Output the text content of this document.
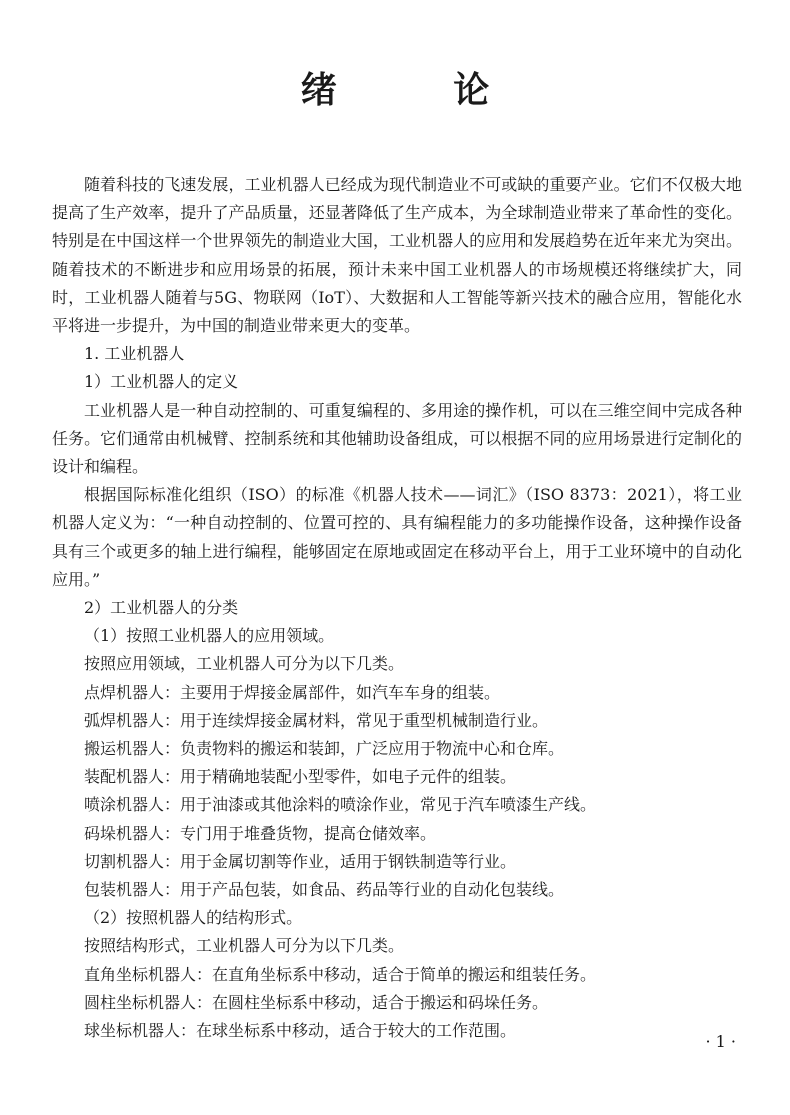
绪 论

随着科技的飞速发展，工业机器人已经成为现代制造业不可或缺的重要产业。它们不仅极大地提高了生产效率，提升了产品质量，还显著降低了生产成本，为全球制造业带来了革命性的变化。特别是在中国这样一个世界领先的制造业大国，工业机器人的应用和发展趋势在近年来尤为突出。随着技术的不断进步和应用场景的拓展，预计未来中国工业机器人的市场规模还将继续扩大，同时，工业机器人随着与5G、物联网（IoT）、大数据和人工智能等新兴技术的融合应用，智能化水平将进一步提升，为中国的制造业带来更大的变革。

1. 工业机器人

1）工业机器人的定义

工业机器人是一种自动控制的、可重复编程的、多用途的操作机，可以在三维空间中完成各种任务。它们通常由机械臂、控制系统和其他辅助设备组成，可以根据不同的应用场景进行定制化的设计和编程。

根据国际标准化组织（ISO）的标准《机器人技术——词汇》（ISO 8373：2021），将工业机器人定义为：“一种自动控制的、位置可控的、具有编程能力的多功能操作设备，这种操作设备具有三个或更多的轴上进行编程，能够固定在原地或固定在移动平台上，用于工业环境中的自动化应用。”

2）工业机器人的分类

（1）按照工业机器人的应用领域。

按照应用领域，工业机器人可分为以下几类。

点焊机器人：主要用于焊接金属部件，如汽车车身的组装。

弧焊机器人：用于连续焊接金属材料，常见于重型机械制造行业。

搬运机器人：负责物料的搬运和装卸，广泛应用于物流中心和仓库。

装配机器人：用于精确地装配小型零件，如电子元件的组装。

喷涂机器人：用于油漆或其他涂料的喷涂作业，常见于汽车喷漆生产线。

码垛机器人：专门用于堆叠货物，提高仓储效率。

切割机器人：用于金属切割等作业，适用于钢铁制造等行业。

包装机器人：用于产品包装，如食品、药品等行业的自动化包装线。

（2）按照机器人的结构形式。

按照结构形式，工业机器人可分为以下几类。

直角坐标机器人：在直角坐标系中移动，适合于简单的搬运和组装任务。

圆柱坐标机器人：在圆柱坐标系中移动，适合于搬运和码垛任务。

球坐标机器人：在球坐标系中移动，适合于较大的工作范围。

· 1 ·
